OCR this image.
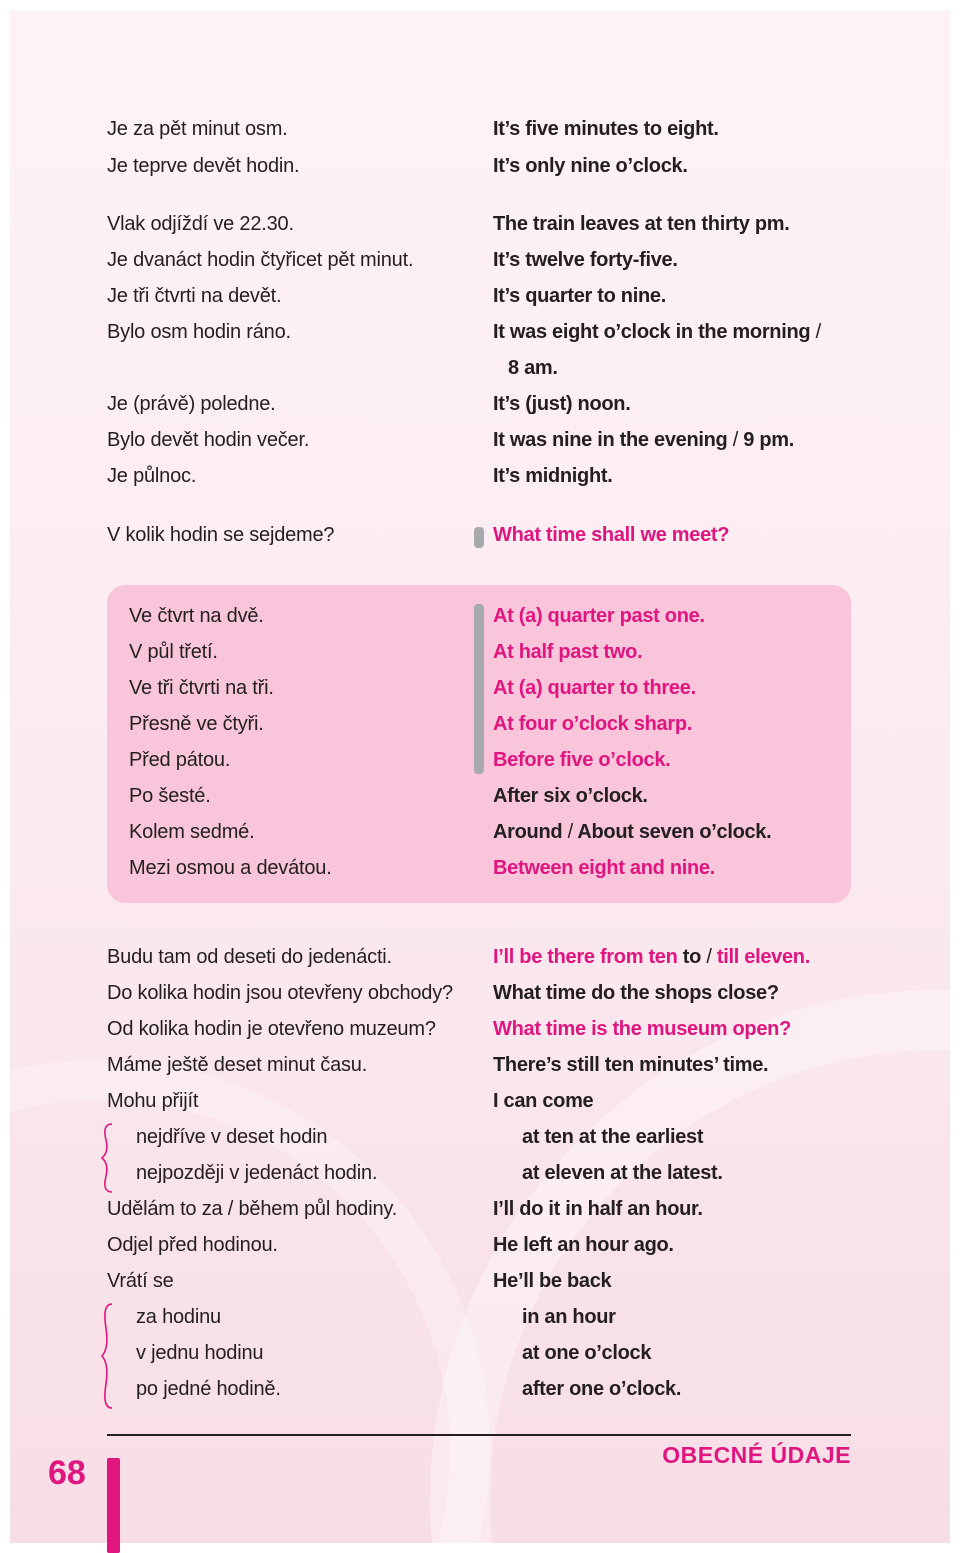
Je za pět minut osm.	It’s five minutes to eight.
Je teprve devět hodin.	It’s only nine o’clock.
Vlak odjíždí ve 22.30.	The train leaves at ten thirty pm.
Je dvanáct hodin čtyřicet pět minut.	It’s twelve forty-five.
Je tři čtvrti na devět.	It’s quarter to nine.
Bylo osm hodin ráno.	It was eight o’clock in the morning /
8 am.
Je (právě) poledne.	It’s (just) noon.
Bylo devět hodin večer.	It was nine in the evening / 9 pm.
Je půlnoc.	It’s midnight.
V kolik hodin se sejdeme?	What time shall we meet?
Ve čtvrt na dvě.	At (a) quarter past one.
V půl třetí.	At half past two.
Ve tři čtvrti na tři.	At (a) quarter to three.
Přesně ve čtyři.	At four o’clock sharp.
Před pátou.	Before five o’clock.
Po šesté.	After six o’clock.
Kolem sedmé.	Around / About seven o’clock.
Mezi osmou a devátou.	Between eight and nine.
Budu tam od deseti do jedenácti.	I’ll be there from ten to / till eleven.
Do kolika hodin jsou otevřeny obchody? What time do the shops close?
Od kolika hodin je otevřeno muzeum?	What time is the museum open?
Máme ještě deset minut času.	There’s still ten minutes’ time.
Mohu přijít	I can come
nejdříve v deset hodin	at ten at the earliest
nejpozději v jedenáct hodin.	at eleven at the latest.
Udělám to za / během půl hodiny.	I’ll do it in half an hour.
Odjel před hodinou.	He left an hour ago.
Vrátí se	He’ll be back
za hodinu	in an hour
v jednu hodinu	at one o’clock
po jedné hodině.	after one o’clock.
68	OBECNÉ ÚDAJE
